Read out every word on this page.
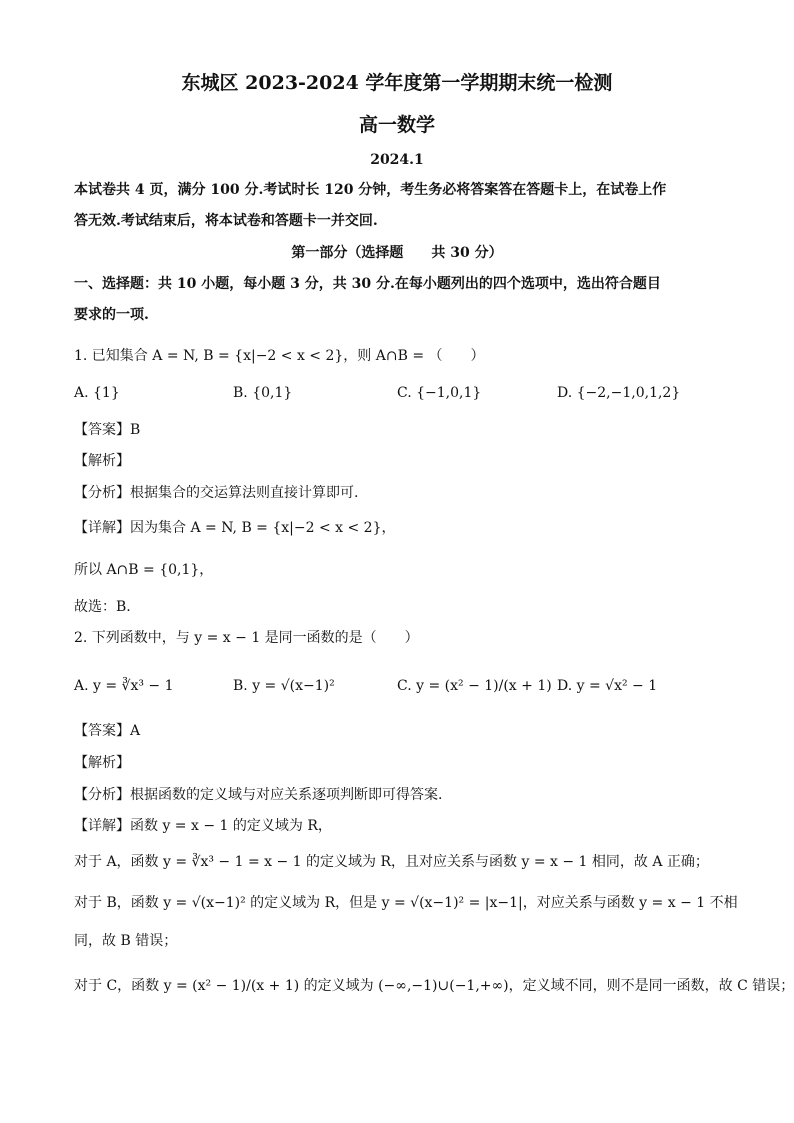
东城区 2023-2024 学年度第一学期期末统一检测
高一数学
2024.1
本试卷共 4 页，满分 100 分.考试时长 120 分钟，考生务必将答案答在答题卡上，在试卷上作
答无效.考试结束后，将本试卷和答题卡一并交回.
第一部分（选择题　　共 30 分）
一、选择题：共 10 小题，每小题 3 分，共 30 分.在每小题列出的四个选项中，选出符合题目
要求的一项.
1. 已知集合 A = N, B = {x|−2 < x < 2}，则 A∩B = （　　）
A. {1}	B. {0,1}	C. {−1,0,1}	D. {−2,−1,0,1,2}
【答案】B
【解析】
【分析】根据集合的交运算法则直接计算即可.
【详解】因为集合 A = N, B = {x|−2 < x < 2}，
所以 A∩B = {0,1}，
故选：B.
2. 下列函数中，与 y = x − 1 是同一函数的是（　　）
A. y = ∛x³ − 1	B. y = √(x−1)²	C. y = (x² − 1)/(x + 1) D. y = √x² − 1
【答案】A
【解析】
【分析】根据函数的定义域与对应关系逐项判断即可得答案.
【详解】函数 y = x − 1 的定义域为 R，
对于 A，函数 y = ∛x³ − 1 = x − 1 的定义域为 R，且对应关系与函数 y = x − 1 相同，故 A 正确；
对于 B，函数 y = √(x−1)² 的定义域为 R，但是 y = √(x−1)² = |x−1|，对应关系与函数 y = x − 1 不相
同，故 B 错误；
对于 C，函数 y = (x² − 1)/(x + 1) 的定义域为 (−∞,−1)∪(−1,+∞)，定义域不同，则不是同一函数，故 C 错误；
